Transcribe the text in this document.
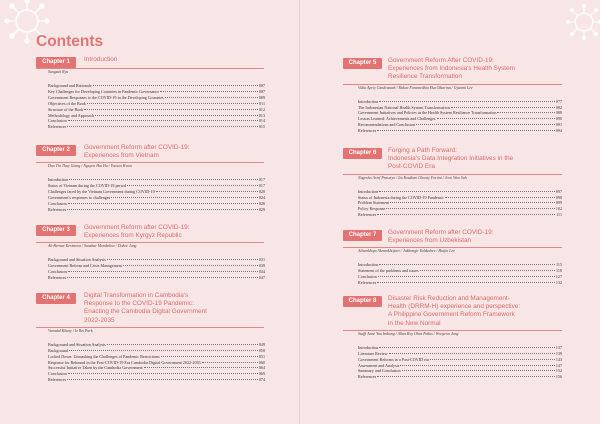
Contents
Chapter 1	Introduction
Sungsuh Ryu
Background and Rationale	007
Key Challenges for Developing Countries in Pandemic Governance	007
Government Responses to the COVID-19 in the Developing Countries	009
Objectives of the Book	011
Structure of the Book	012
Methodology and Approach	013
Conclusion	014
References	015
Chapter 2	Government Reform after COVID-19:
Experiences from Vietnam
Dao Thi Thuy Giang / Nguyen Hai Ha / Yoosoo Kwon
Introduction	017
Status of Vietnam during the COVID-19 period	017
Challenges faced by the Vietnam Government during COVID-19	020
Government's responses to challenges	024
Conclusion	026
References	029
Chapter 3	Government Reform after COVID-19:
Experiences from Kyrgyz Republic
Ak-Bermet Kerimova / Sanzhar Mombekov / Dohee Jang
Background and Situation Analysis	031
Government Reform and Crisis Management	039
Conclusion	044
References	047
Chapter 4	Digital Transformation in Cambodia's
Response to the COVID-19 Pandemic:
Enacting the Cambodia Digital Government
2022-2035
Vanndal Khuny / Ie Rei Park
Background and Situation Analysis	049
Background	050
Locked Down: Unmasking the Challenges of Pandemic Restrictions	051
Response for Rebound in the Post-COVID-19 Era Cambodia Digital Government 2022-2035	060
Successful Initiative Taken by the Cambodia Government	064
Conclusion	069
References	074
Chapter 5	Government Reform After COVID-19:
Experiences from Indonesia's Health System
Resilience Transformation
Vidia Apriy Candranath / Ridwa Faramedhia Eka Oktarina / Gyunmi Lee
Introduction	077
The Indonesian National Health System Transformation	082
Government Initiatives and Policies in the Health System Resilience Transformation	088
Lesson Learned: Achievements and Challenges	090
Recommendations and Conclusion	091
References	094
Chapter 6	Forging a Path Forward:
Indonesia's Data Integration Initiatives in the
Post-COVID Era
Nugroho Arief Prasetyo / Iin Rosdiani Ghoniy Fortini / Jeon Woo Suh
Introduction	097
Status of Indonesia during the COVID-19 Pandemic	098
Problem Statement	099
Policy Response	102
References	111
Chapter 7	Government Reform after COVID-19:
Experiences from Uzbekistan
Alisankhoja Akramkhojaev / Jakhongir Yuldashev / Huijin Lee
Introduction	115
Statement of the problems and issues	118
Conclusion	127
References	132
Chapter 8	Disaster Risk Reduction and Management-
Health (DRRM-H) experience and perspective:
A Philippine Government Reform Framework
in the New Normal
Staffi Anne Yao Imbang / Allan Roy Obas Peñas / Wooyeon Jung
Introduction	137
Literature Review	139
Government Reforms in a Post-COVID era	143
Assessment and Analysis	147
Summary and Conclusion	152
References	156
